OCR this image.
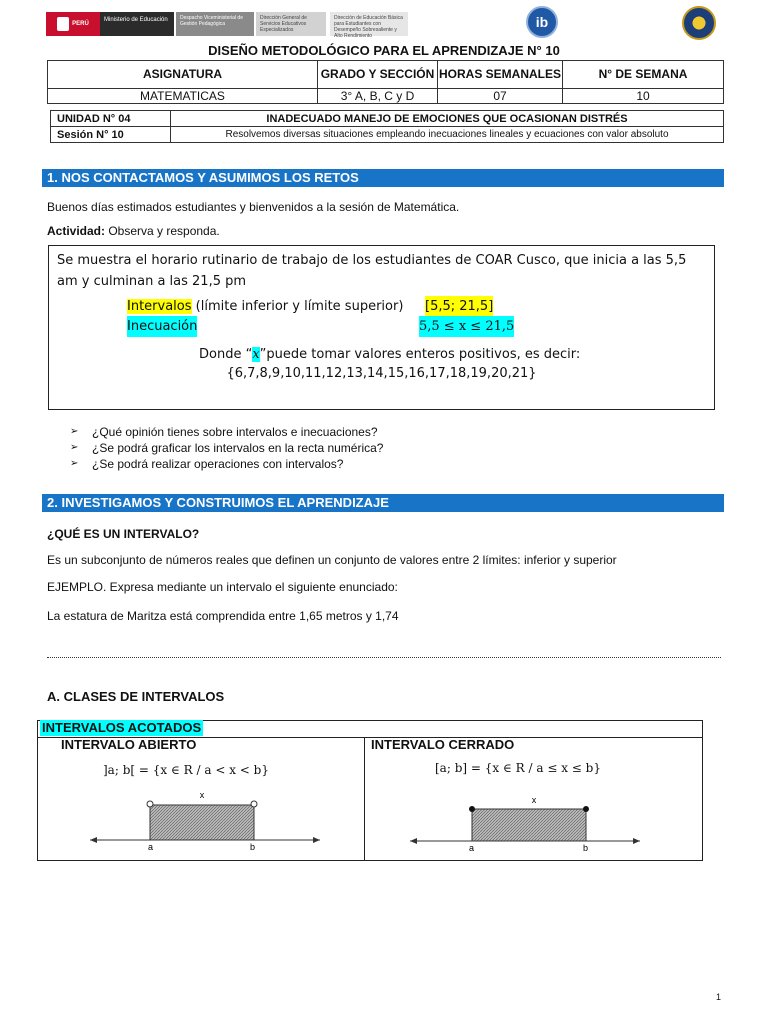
PERÚ
Ministerio de Educación	Despacho Viceministerial de Gestión Pedagógica
Dirección General de Servicios Educativos Especializados
Dirección de Educación Básica para Estudiantes con Desempeño Sobresaliente y Alto Rendimiento
ib
DISEÑO METODOLÓGICO PARA EL APRENDIZAJE N° 10
ASIGNATURA	GRADO Y SECCIÓN	HORAS SEMANALES	N° DE SEMANA
MATEMATICAS	3° A, B, C y D	07	10
UNIDAD N° 04	INADECUADO MANEJO DE EMOCIONES QUE OCASIONAN DISTRÉS
Sesión N° 10	Resolvemos diversas situaciones empleando inecuaciones lineales y ecuaciones con valor absoluto
1. NOS CONTACTAMOS Y ASUMIMOS LOS RETOS
Buenos días estimados estudiantes y bienvenidos a la sesión de Matemática.
Actividad: Observa y responda.
Se muestra el horario rutinario de trabajo de los estudiantes de COAR Cusco, que inicia a las 5,5 am y culminan a las 21,5 pm
Intervalos (límite inferior y límite superior) [5,5; 21,5]
Inecuación	5,5 ≤ x ≤ 21,5
Donde “x”puede tomar valores enteros positivos, es decir:
{6,7,8,9,10,11,12,13,14,15,16,17,18,19,20,21}
➢ ¿Qué opinión tienes sobre intervalos e inecuaciones?
➢ ¿Se podrá graficar los intervalos en la recta numérica?
➢ ¿Se podrá realizar operaciones con intervalos?
2. INVESTIGAMOS Y CONSTRUIMOS EL APRENDIZAJE
¿QUÉ ES UN INTERVALO?
Es un subconjunto de números reales que definen un conjunto de valores entre 2 límites: inferior y superior
EJEMPLO. Expresa mediante un intervalo el siguiente enunciado:
La estatura de Maritza está comprendida entre 1,65 metros y 1,74
A. CLASES DE INTERVALOS
INTERVALOS ACOTADOS
INTERVALO ABIERTO	INTERVALO CERRADO
]a; b[ = {x ∈ R / a < x < b}	[a; b] = {x ∈ R / a ≤ x ≤ b}
x
a	b
x
a	b
1
